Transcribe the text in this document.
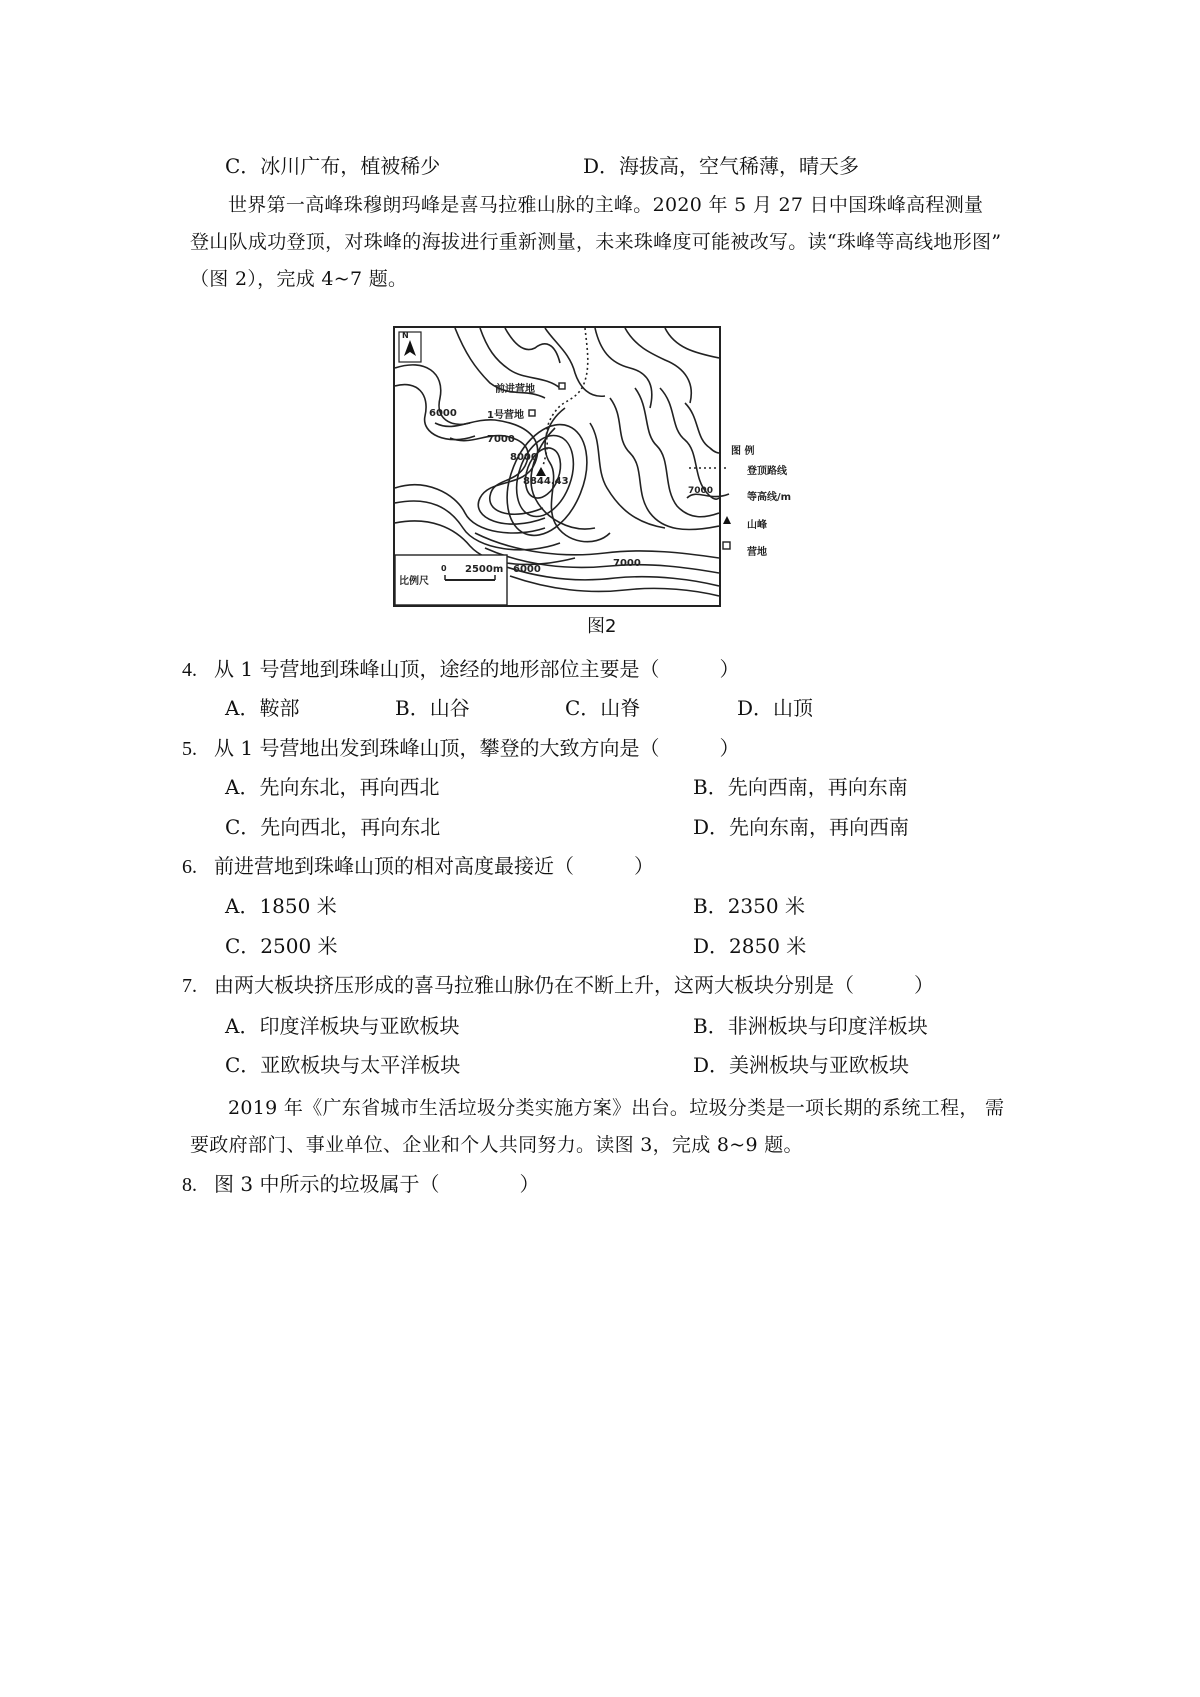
C．冰川广布，植被稀少	D．海拔高，空气稀薄，晴天多
世界第一高峰珠穆朗玛峰是喜马拉雅山脉的主峰。2020 年 5 月 27 日中国珠峰高程测量
登山队成功登顶，对珠峰的海拔进行重新测量，未来珠峰度可能被改写。读“珠峰等高线地形图”
（图 2），完成 4~7 题。
N
前进营地
6000	1号营地
7000
8000
8844.43
6000
7000
比例尺
0 2500m
图 例
登顶路线
7000
等高线/m
山峰
营地
图2
4. 从 1 号营地到珠峰山顶，途经的地形部位主要是（　　　）
A．鞍部	B．山谷	C．山脊	D．山顶
5. 从 1 号营地出发到珠峰山顶，攀登的大致方向是（　　　）
A．先向东北，再向西北	B．先向西南，再向东南
C．先向西北，再向东北	D．先向东南，再向西南
6. 前进营地到珠峰山顶的相对高度最接近（　　　）
A．1850 米	B．2350 米
C．2500 米	D．2850 米
7. 由两大板块挤压形成的喜马拉雅山脉仍在不断上升，这两大板块分别是（　　　）
A．印度洋板块与亚欧板块	B．非洲板块与印度洋板块
C．亚欧板块与太平洋板块	D．美洲板块与亚欧板块
2019 年《广东省城市生活垃圾分类实施方案》出台。垃圾分类是一项长期的系统工程， 需
要政府部门、事业单位、企业和个人共同努力。读图 3，完成 8~9 题。
8. 图 3 中所示的垃圾属于（　　　　）
